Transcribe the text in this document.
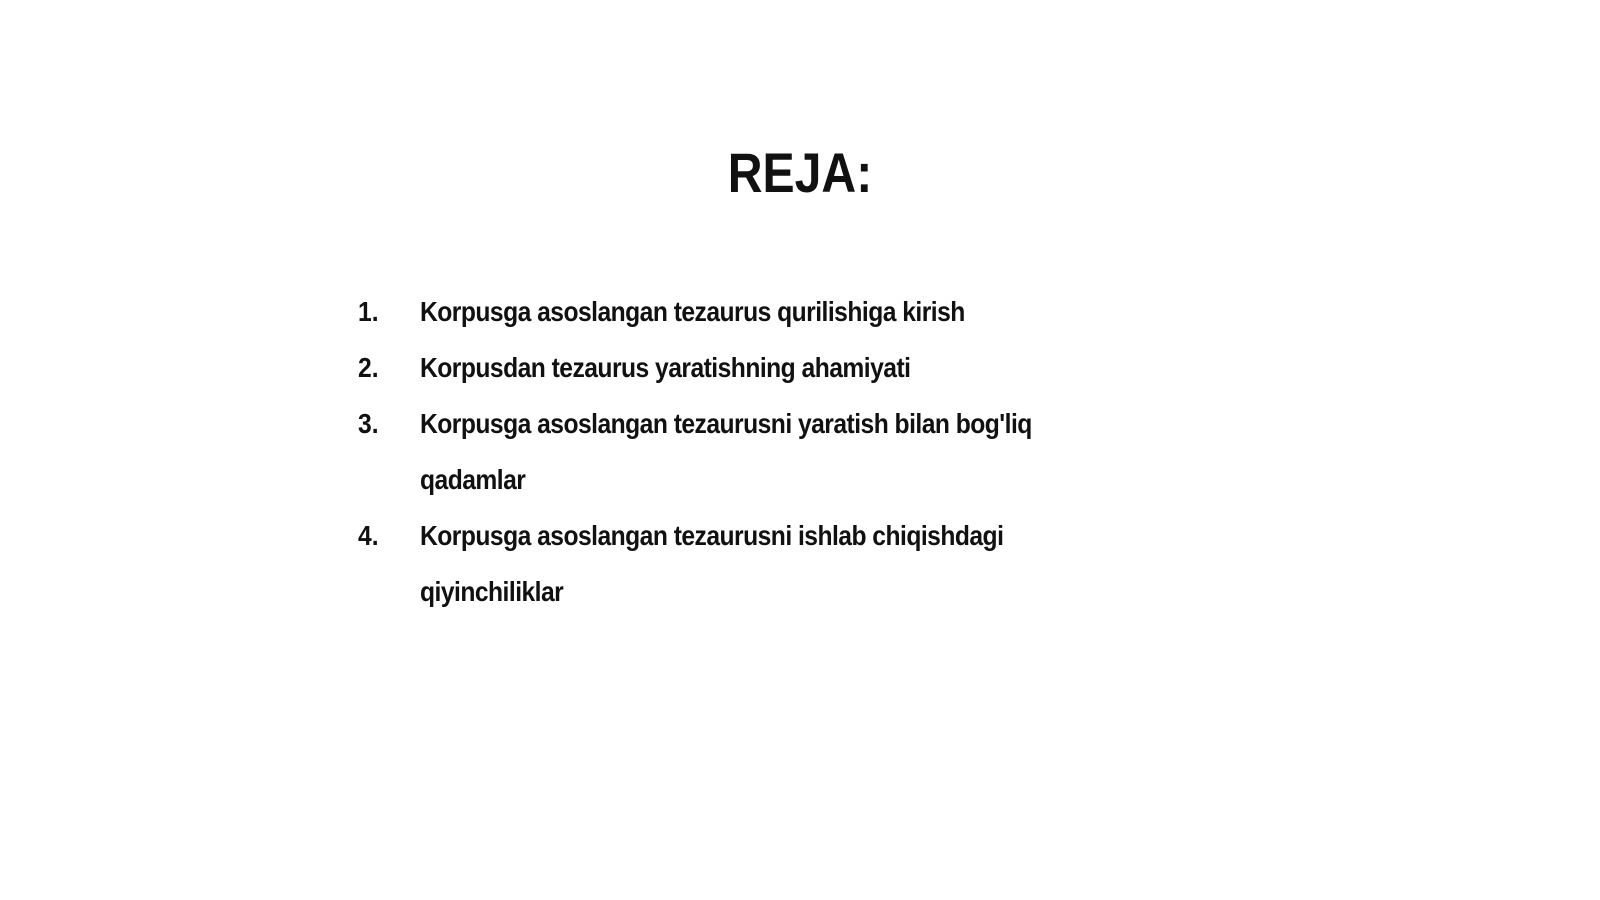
REJA:
1.	Korpusga asoslangan tezaurus qurilishiga kirish
2.	Korpusdan tezaurus yaratishning ahamiyati
3.	Korpusga asoslangan tezaurusni yaratish bilan bog'liq qadamlar
4.	Korpusga asoslangan tezaurusni ishlab chiqishdagi qiyinchiliklar
